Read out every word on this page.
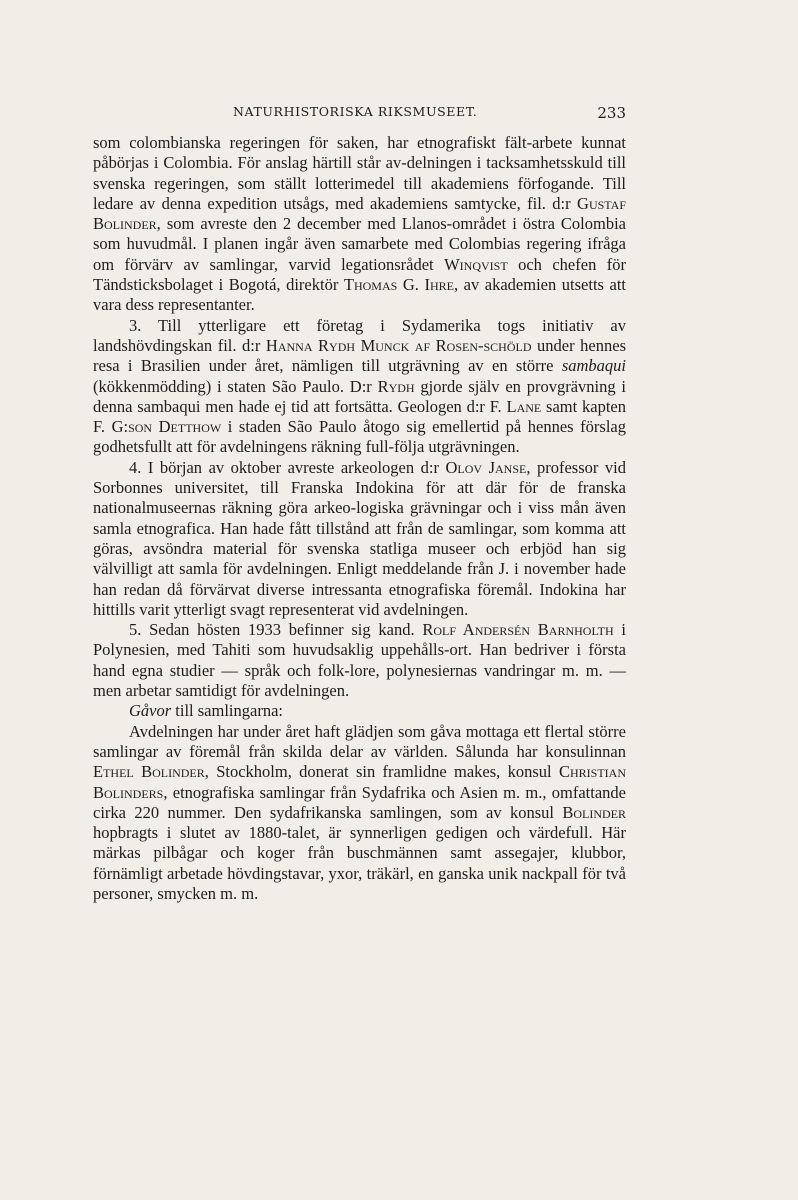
NATURHISTORISKA RIKSMUSEET.	233

som colombianska regeringen för saken, har etnografiskt fält-arbete kunnat påbörjas i Colombia. För anslag härtill står av-delningen i tacksamhetsskuld till svenska regeringen, som ställt lotterimedel till akademiens förfogande. Till ledare av denna expedition utsågs, med akademiens samtycke, fil. d:r Gustaf Bolinder, som avreste den 2 december med Llanos-området i östra Colombia som huvudmål. I planen ingår även samarbete med Colombias regering ifråga om förvärv av samlingar, varvid legationsrådet Winqvist och chefen för Tändsticksbolaget i Bogotá, direktör Thomas G. Ihre, av akademien utsetts att vara dess representanter.

3. Till ytterligare ett företag i Sydamerika togs initiativ av landshövdingskan fil. d:r Hanna Rydh Munck af Rosen-schöld under hennes resa i Brasilien under året, nämligen till utgrävning av en större sambaqui (kökkenmödding) i staten São Paulo. D:r Rydh gjorde själv en provgrävning i denna sambaqui men hade ej tid att fortsätta. Geologen d:r F. Lane samt kapten F. G:son Detthow i staden São Paulo åtogo sig emellertid på hennes förslag godhetsfullt att för avdelningens räkning full-följa utgrävningen.

4. I början av oktober avreste arkeologen d:r Olov Janse, professor vid Sorbonnes universitet, till Franska Indokina för att där för de franska nationalmuseernas räkning göra arkeo-logiska grävningar och i viss mån även samla etnografica. Han hade fått tillstånd att från de samlingar, som komma att göras, avsöndra material för svenska statliga museer och erbjöd han sig välvilligt att samla för avdelningen. Enligt meddelande från J. i november hade han redan då förvärvat diverse intressanta etnografiska föremål. Indokina har hittills varit ytterligt svagt representerat vid avdelningen.

5. Sedan hösten 1933 befinner sig kand. Rolf Andersén Barnholth i Polynesien, med Tahiti som huvudsaklig uppehålls-ort. Han bedriver i första hand egna studier — språk och folk-lore, polynesiernas vandringar m. m. — men arbetar samtidigt för avdelningen.

Gåvor till samlingarna:

Avdelningen har under året haft glädjen som gåva mottaga ett flertal större samlingar av föremål från skilda delar av världen. Sålunda har konsulinnan Ethel Bolinder, Stockholm, donerat sin framlidne makes, konsul Christian Bolinders, etnografiska samlingar från Sydafrika och Asien m. m., omfattande cirka 220 nummer. Den sydafrikanska samlingen, som av konsul Bolinder hopbragts i slutet av 1880-talet, är synnerligen gedigen och värdefull. Här märkas pilbågar och koger från buschmännen samt assegajer, klubbor, förnämligt arbetade hövdingstavar, yxor, träkärl, en ganska unik nackpall för två personer, smycken m. m.
